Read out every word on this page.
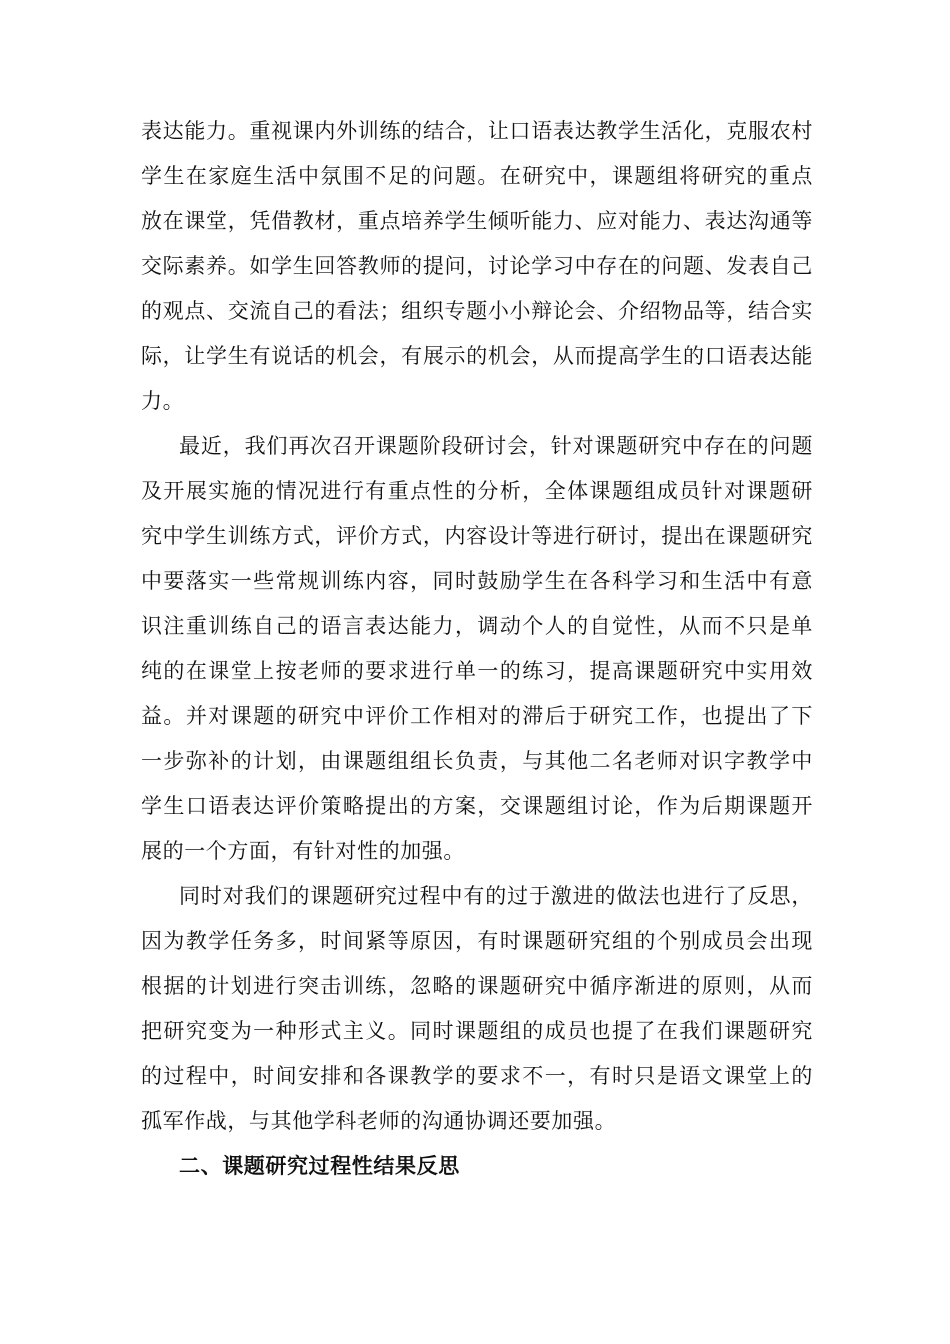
表达能力。重视课内外训练的结合，让口语表达教学生活化，克服农村
学生在家庭生活中氛围不足的问题。在研究中，课题组将研究的重点
放在课堂，凭借教材，重点培养学生倾听能力、应对能力、表达沟通等
交际素养。如学生回答教师的提问，讨论学习中存在的问题、发表自己
的观点、交流自己的看法；组织专题小小辩论会、介绍物品等，结合实
际，让学生有说话的机会，有展示的机会，从而提高学生的口语表达能
力。
最近，我们再次召开课题阶段研讨会，针对课题研究中存在的问题
及开展实施的情况进行有重点性的分析，全体课题组成员针对课题研
究中学生训练方式，评价方式，内容设计等进行研讨，提出在课题研究
中要落实一些常规训练内容，同时鼓励学生在各科学习和生活中有意
识注重训练自己的语言表达能力，调动个人的自觉性，从而不只是单
纯的在课堂上按老师的要求进行单一的练习，提高课题研究中实用效
益。并对课题的研究中评价工作相对的滞后于研究工作，也提出了下
一步弥补的计划，由课题组组长负责，与其他二名老师对识字教学中
学生口语表达评价策略提出的方案，交课题组讨论，作为后期课题开
展的一个方面，有针对性的加强。
同时对我们的课题研究过程中有的过于激进的做法也进行了反思，
因为教学任务多，时间紧等原因，有时课题研究组的个别成员会出现
根据的计划进行突击训练，忽略的课题研究中循序渐进的原则，从而
把研究变为一种形式主义。同时课题组的成员也提了在我们课题研究
的过程中，时间安排和各课教学的要求不一，有时只是语文课堂上的
孤军作战，与其他学科老师的沟通协调还要加强。
二、课题研究过程性结果反思
